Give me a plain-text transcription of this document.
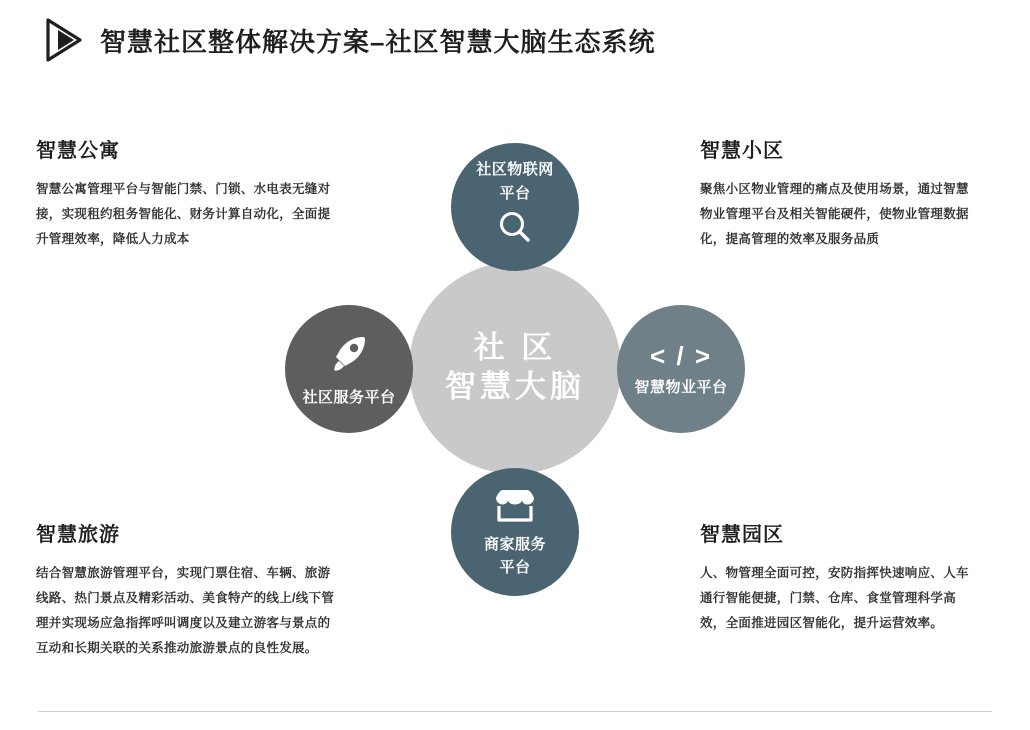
智慧社区整体解决方案–社区智慧大脑生态系统
社 区
智慧大脑
社区物联网
平台
社区服务平台
< / >
智慧物业平台
商家服务
平台
智慧公寓

智慧公寓管理平台与智能门禁、门锁、水电表无缝对接，实现租约租务智能化、财务计算自动化，全面提升管理效率，降低人力成本

智慧小区

聚焦小区物业管理的痛点及使用场景，通过智慧物业管理平台及相关智能硬件，使物业管理数据化，提高管理的效率及服务品质

智慧旅游

结合智慧旅游管理平台，实现门票住宿、车辆、旅游线路、热门景点及精彩活动、美食特产的线上/线下管理并实现场应急指挥呼叫调度以及建立游客与景点的互动和长期关联的关系推动旅游景点的良性发展。

智慧园区

人、物管理全面可控，安防指挥快速响应、人车通行智能便捷，门禁、仓库、食堂管理科学高效，全面推进园区智能化，提升运营效率。
